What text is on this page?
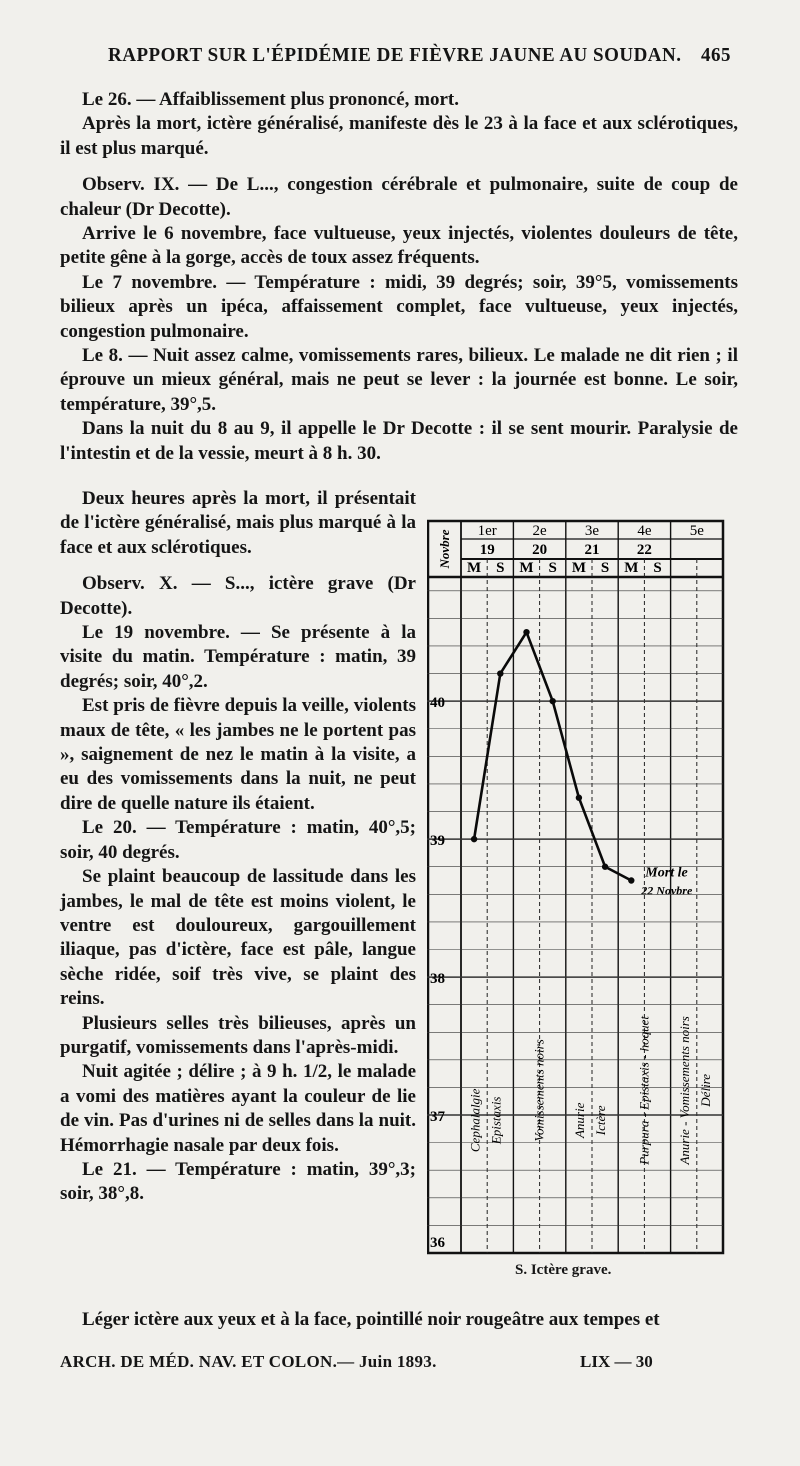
RAPPORT SUR L'ÉPIDÉMIE DE FIÈVRE JAUNE AU SOUDAN. 465

Le 26. — Affaiblissement plus prononcé, mort.

Après la mort, ictère généralisé, manifeste dès le 23 à la face et aux sclérotiques, il est plus marqué.

Observ. IX. — De L..., congestion cérébrale et pulmonaire, suite de coup de chaleur (Dr Decotte).

Arrive le 6 novembre, face vultueuse, yeux injectés, violentes douleurs de tête, petite gêne à la gorge, accès de toux assez fréquents.

Le 7 novembre. — Température : midi, 39 degrés; soir, 39°5, vomissements bilieux après un ipéca, affaissement complet, face vultueuse, yeux injectés, congestion pulmonaire.

Le 8. — Nuit assez calme, vomissements rares, bilieux. Le malade ne dit rien ; il éprouve un mieux général, mais ne peut se lever : la journée est bonne. Le soir, température, 39°,5.

Dans la nuit du 8 au 9, il appelle le Dr Decotte : il se sent mourir. Paralysie de l'intestin et de la vessie, meurt à 8 h. 30.

Deux heures après la mort, il présentait de l'ictère généralisé, mais plus marqué à la face et aux sclérotiques.

Observ. X. — S..., ictère grave (Dr Decotte).

Le 19 novembre. — Se présente à la visite du matin. Température : matin, 39 degrés; soir, 40°,2.

Est pris de fièvre depuis la veille, violents maux de tête, « les jambes ne le portent pas », saignement de nez le matin à la visite, a eu des vomissements dans la nuit, ne peut dire de quelle nature ils étaient.

Le 20. — Température : matin, 40°,5; soir, 40 degrés.

Se plaint beaucoup de lassitude dans les jambes, le mal de tête est moins violent, le ventre est douloureux, gargouillement iliaque, pas d'ictère, face est pâle, langue sèche ridée, soif très vive, se plaint des reins.

Plusieurs selles très bilieuses, après un purgatif, vomissements dans l'après-midi.

Nuit agitée ; délire ; à 9 h. 1/2, le malade a vomi des matières ayant la couleur de lie de vin. Pas d'urines ni de selles dans la nuit. Hémorrhagie nasale par deux fois.

Le 21. — Température : matin, 39°,3; soir, 38°,8.

Léger ictère aux yeux et à la face, pointillé noir rougeâtre aux tempes et

Novbre 1er 2e	3e	4e	5e
19 20 21 22
M S M S M S M S
40
39
38
37
36
Mort le
22 Novbre
Cephalalgie Epistaxis Vomissements noirs Anurie Ictère Purpura - Epistaxis - hoquet Anurie - Vomissements noirs Délire
S. Ictère grave.
ARCH. DE MÉD. NAV. ET COLON.— Juin 1893.	LIX — 30
